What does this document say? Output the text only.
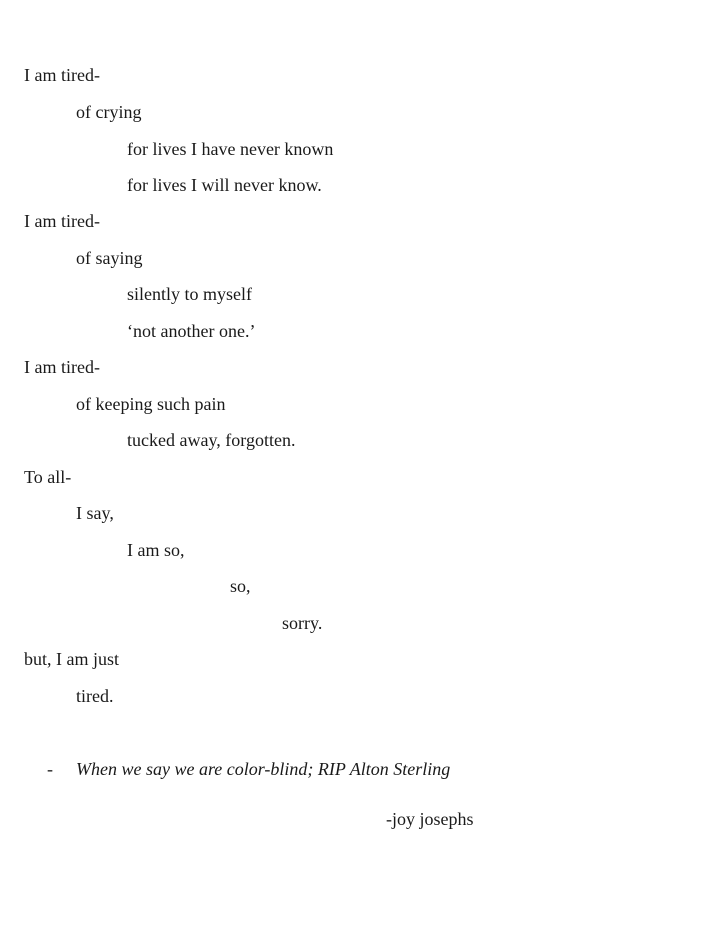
I am tired-
of crying
for lives I have never known
for lives I will never know.
I am tired-
of saying
silently to myself
‘not another one.’
I am tired-
of keeping such pain
tucked away, forgotten.
To all-
I say,
I am so,
so,
sorry.
but, I am just
tired.
- When we say we are color-blind; RIP Alton Sterling
-joy josephs
